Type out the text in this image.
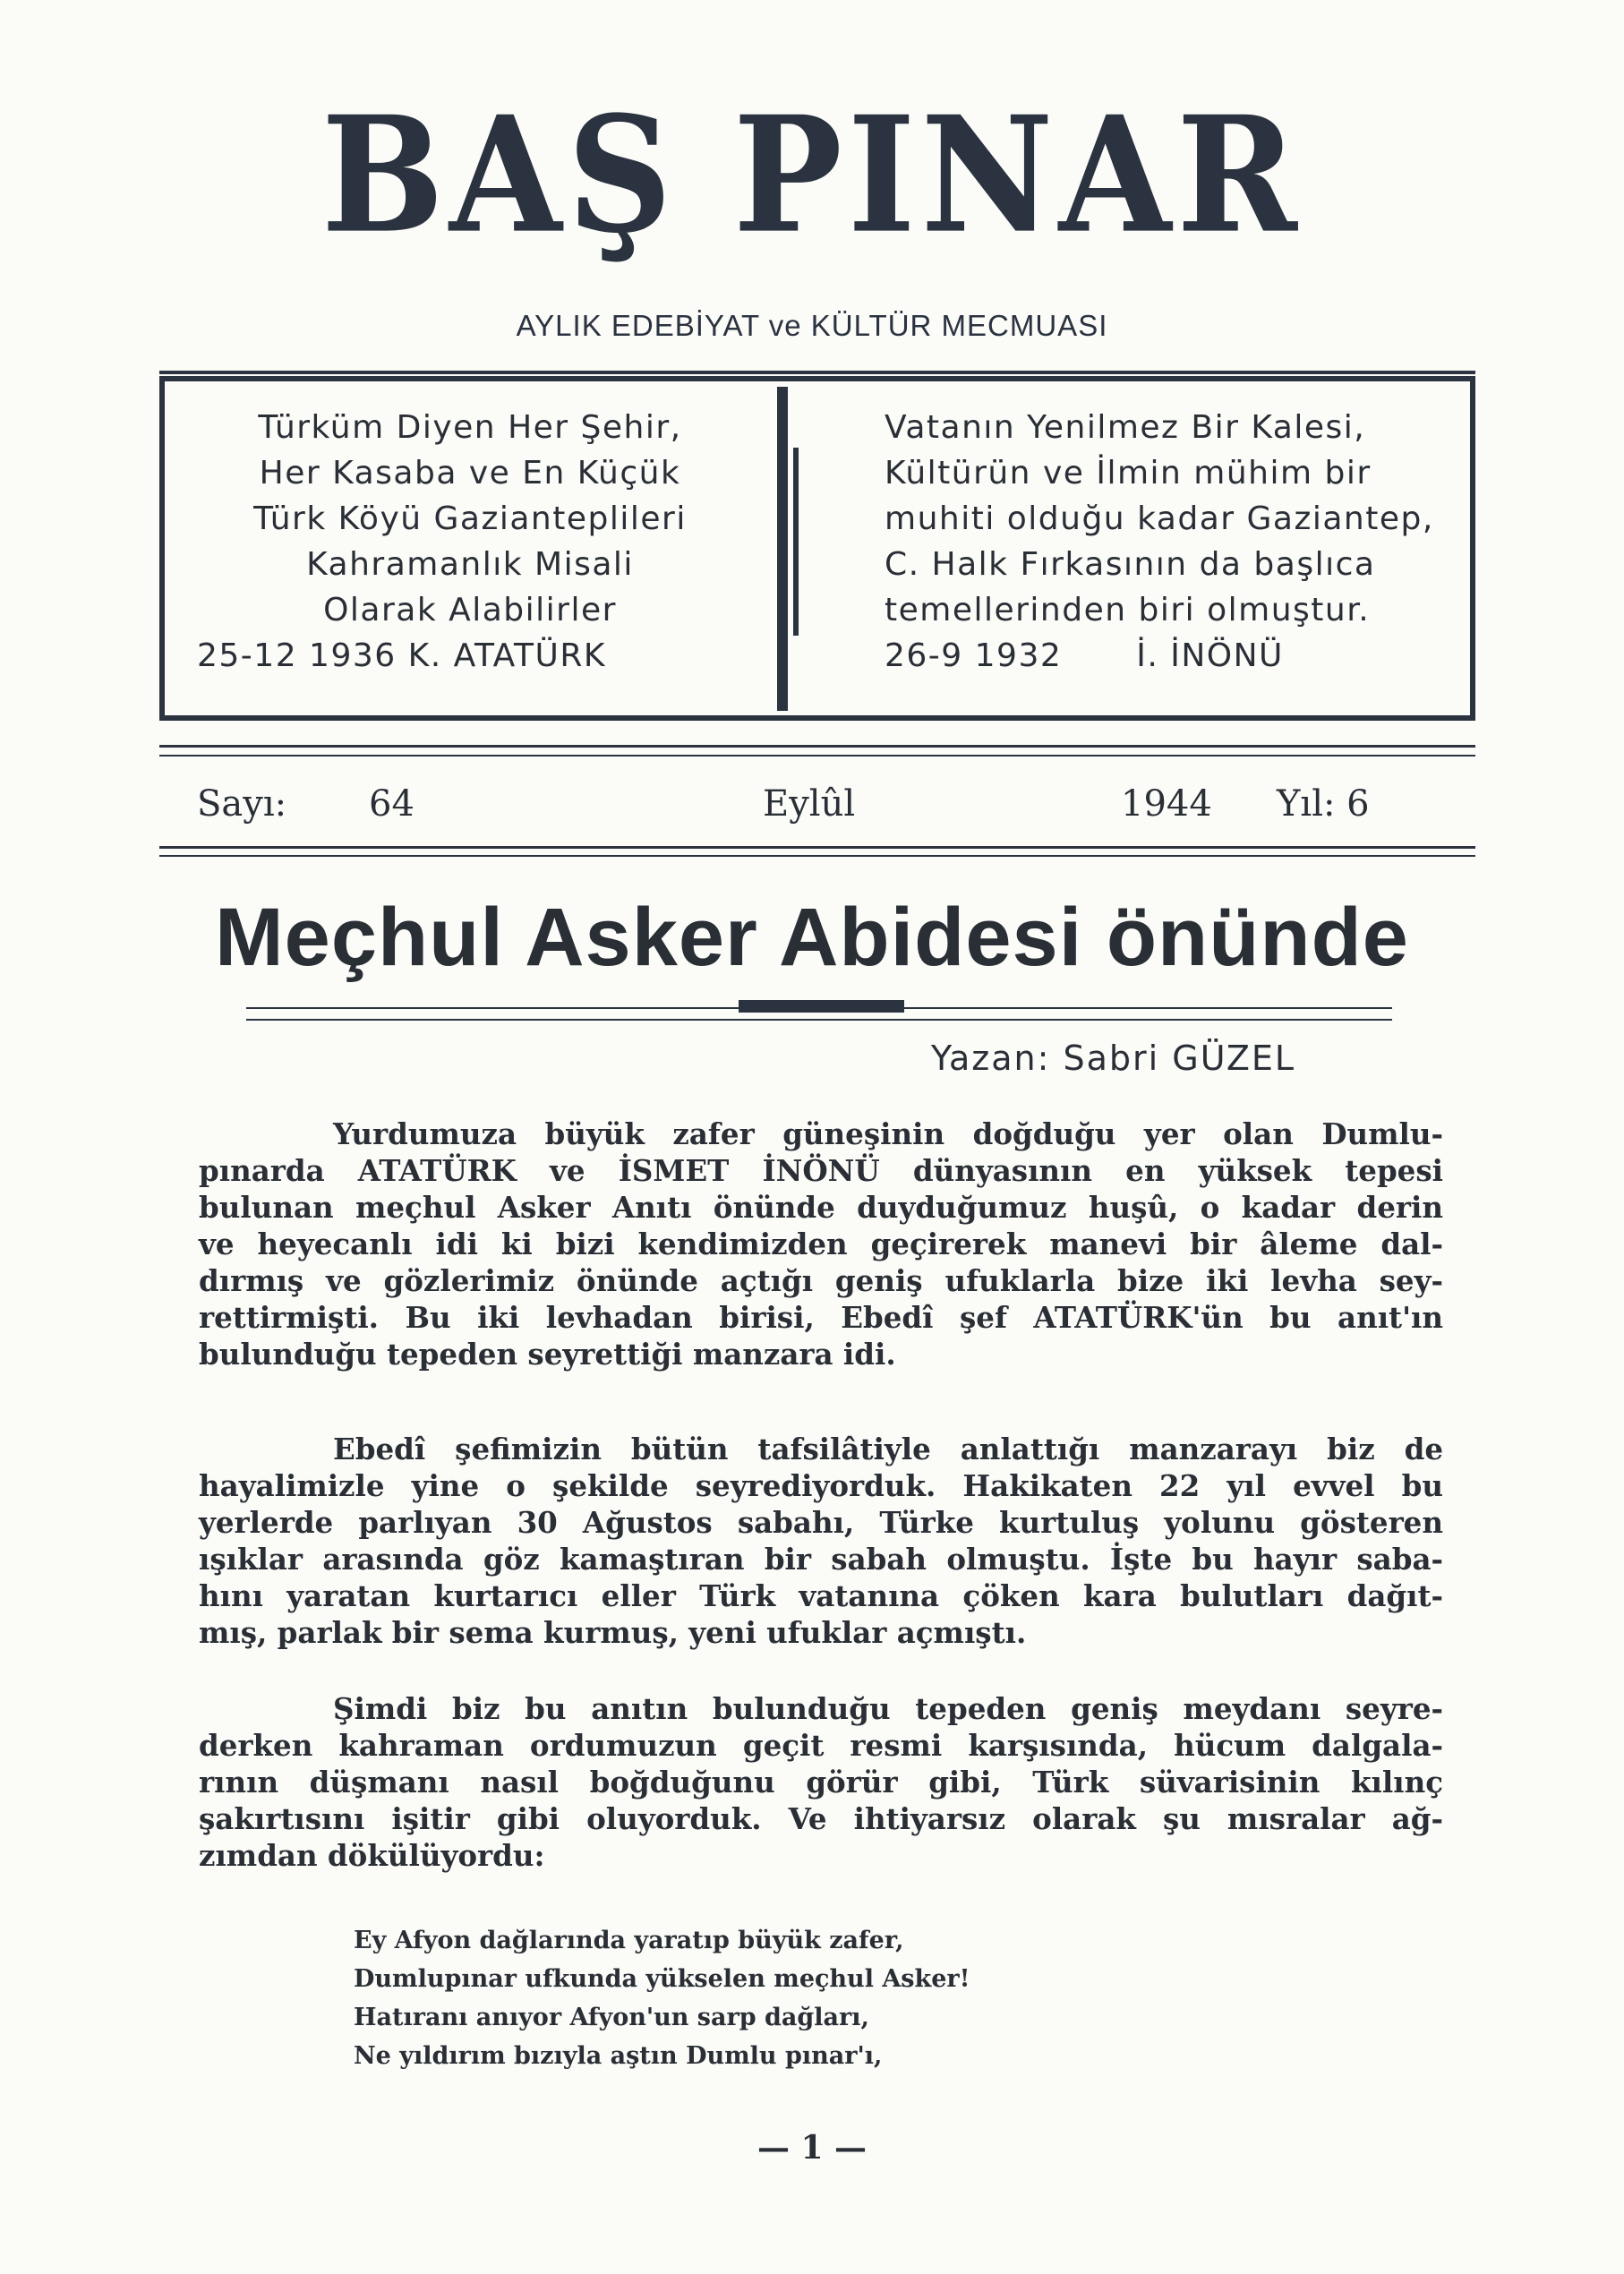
BAŞ PINAR
AYLIK EDEBİYAT ve KÜLTÜR MECMUASI
Türküm Diyen Her Şehir,
Her Kasaba ve En Küçük
Türk Köyü Gazianteplileri
Kahramanlık Misali
Olarak Alabilirler
25-12 1936 K. ATATÜRK
Vatanın Yenilmez Bir Kalesi,
Kültürün ve İlmin mühim bir
muhiti olduğu kadar Gaziantep,
C. Halk Fırkasının da başlıca
temellerinden biri olmuştur.
26-9 1932 İ. İNÖNÜ
Sayı: 64	Eylûl	1944 Yıl: 6
Meçhul Asker Abidesi önünde
Yazan: Sabri GÜZEL
Yurdumuza büyük zafer güneşinin doğduğu yer olan Dumlu-
pınarda ATATÜRK ve İSMET İNÖNÜ dünyasının en yüksek tepesi
bulunan meçhul Asker Anıtı önünde duyduğumuz huşû, o kadar derin
ve heyecanlı idi ki bizi kendimizden geçirerek manevi bir âleme dal-
dırmış ve gözlerimiz önünde açtığı geniş ufuklarla bize iki levha sey-
rettirmişti. Bu iki levhadan birisi, Ebedî şef ATATÜRK'ün bu anıt'ın
bulunduğu tepeden seyrettiği manzara idi.
Ebedî şefimizin bütün tafsilâtiyle anlattığı manzarayı biz de
hayalimizle yine o şekilde seyrediyorduk. Hakikaten 22 yıl evvel bu
yerlerde parlıyan 30 Ağustos sabahı, Türke kurtuluş yolunu gösteren
ışıklar arasında göz kamaştıran bir sabah olmuştu. İşte bu hayır saba-
hını yaratan kurtarıcı eller Türk vatanına çöken kara bulutları dağıt-
mış, parlak bir sema kurmuş, yeni ufuklar açmıştı.
Şimdi biz bu anıtın bulunduğu tepeden geniş meydanı seyre-
derken kahraman ordumuzun geçit resmi karşısında, hücum dalgala-
rının düşmanı nasıl boğduğunu görür gibi, Türk süvarisinin kılınç
şakırtısını işitir gibi oluyorduk. Ve ihtiyarsız olarak şu mısralar ağ-
zımdan dökülüyordu:
Ey Afyon dağlarında yaratıp büyük zafer,
Dumlupınar ufkunda yükselen meçhul Asker!
Hatıranı anıyor Afyon'un sarp dağları,
Ne yıldırım bızıyla aştın Dumlu pınar'ı,
— 1 —
